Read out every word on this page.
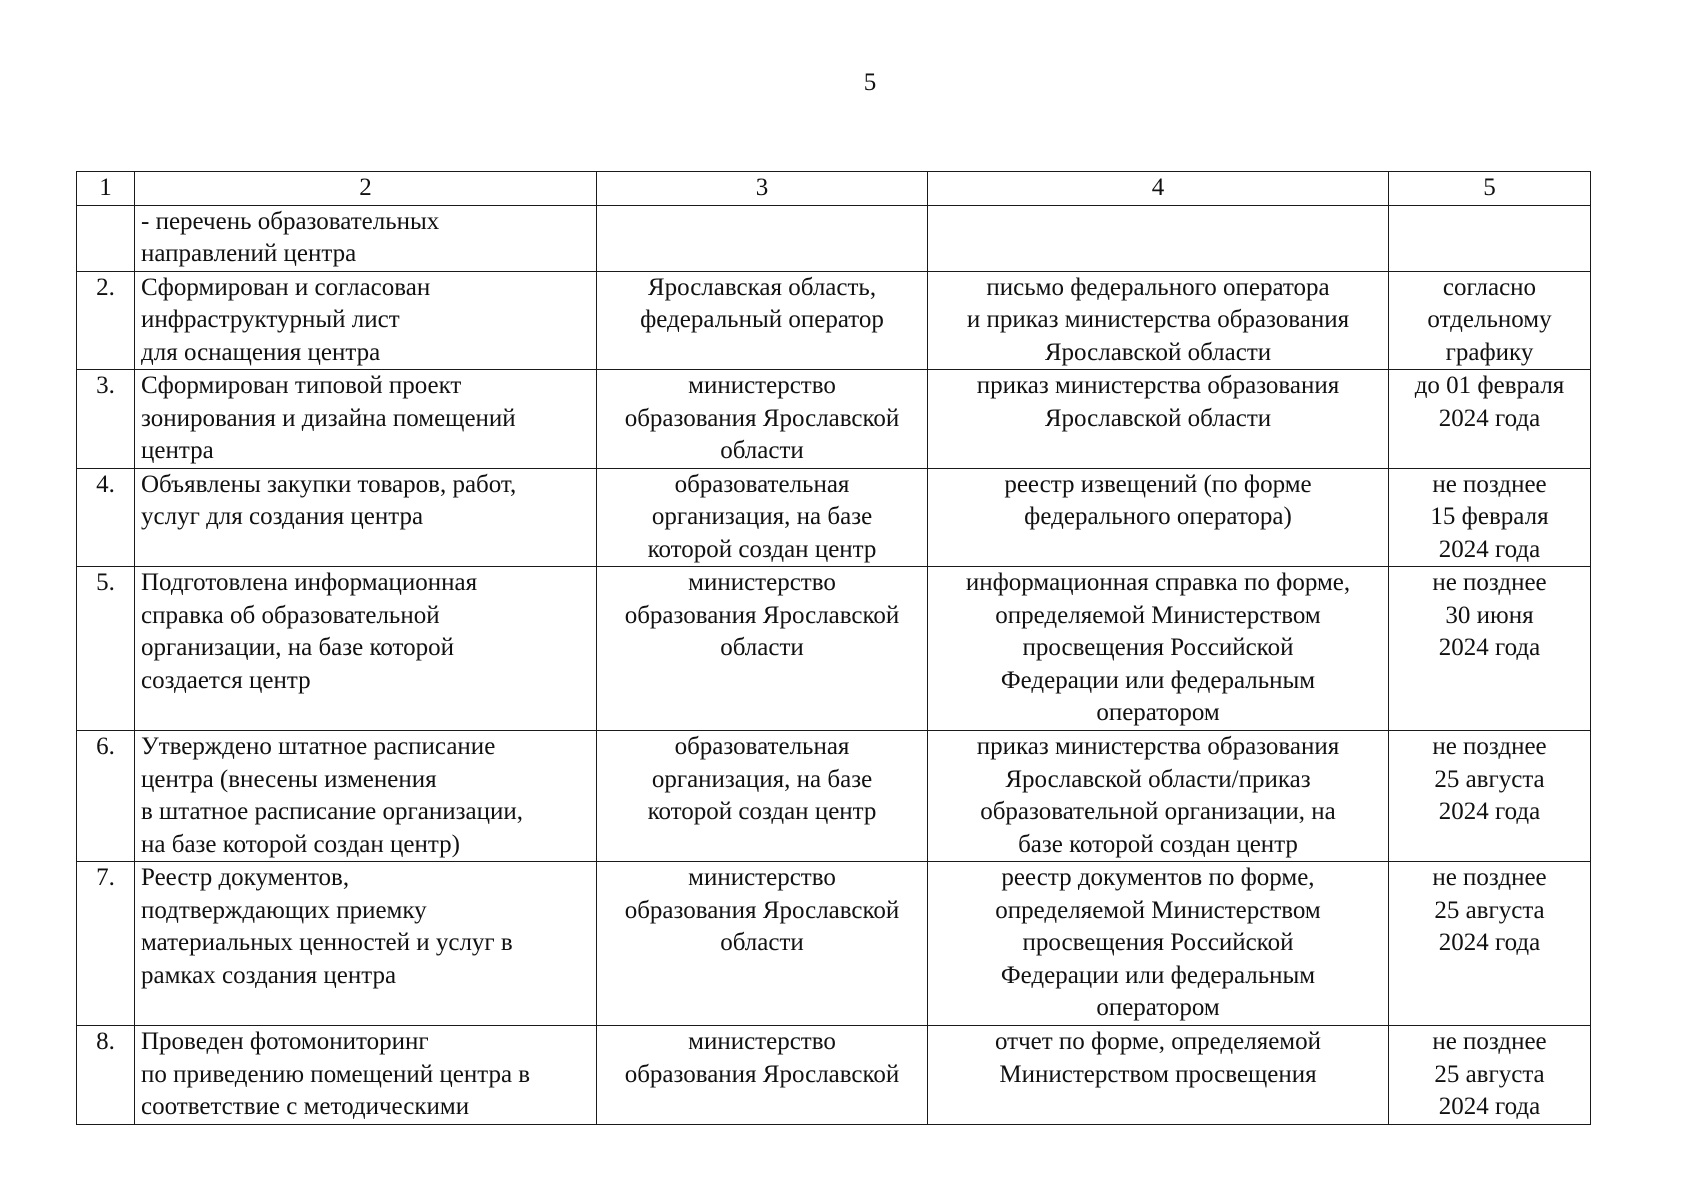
5
1	2	3	4	5
	- перечень образовательных
направлений центра			
2.	Сформирован и согласован
инфраструктурный лист
для оснащения центра	Ярославская область,
федеральный оператор	письмо федерального оператора
и приказ министерства образования
Ярославской области	согласно
отдельному
графику
3.	Сформирован типовой проект
зонирования и дизайна помещений
центра	министерство
образования Ярославской
области	приказ министерства образования
Ярославской области	до 01 февраля
2024 года
4.	Объявлены закупки товаров, работ,
услуг для создания центра	образовательная
организация, на базе
которой создан центр	реестр извещений (по форме
федерального оператора)	не позднее
15 февраля
2024 года
5.	Подготовлена информационная
справка об образовательной
организации, на базе которой
создается центр	министерство
образования Ярославской
области	информационная справка по форме,
определяемой Министерством
просвещения Российской
Федерации или федеральным
оператором	не позднее
30 июня
2024 года
6.	Утверждено штатное расписание
центра (внесены изменения
в штатное расписание организации,
на базе которой создан центр)	образовательная
организация, на базе
которой создан центр	приказ министерства образования
Ярославской области/приказ
образовательной организации, на
базе которой создан центр	не позднее
25 августа
2024 года
7.	Реестр документов,
подтверждающих приемку
материальных ценностей и услуг в
рамках создания центра	министерство
образования Ярославской
области	реестр документов по форме,
определяемой Министерством
просвещения Российской
Федерации или федеральным
оператором	не позднее
25 августа
2024 года
8.	Проведен фотомониторинг
по приведению помещений центра в
соответствие с методическими	министерство
образования Ярославской	отчет по форме, определяемой
Министерством просвещения	не позднее
25 августа
2024 года
